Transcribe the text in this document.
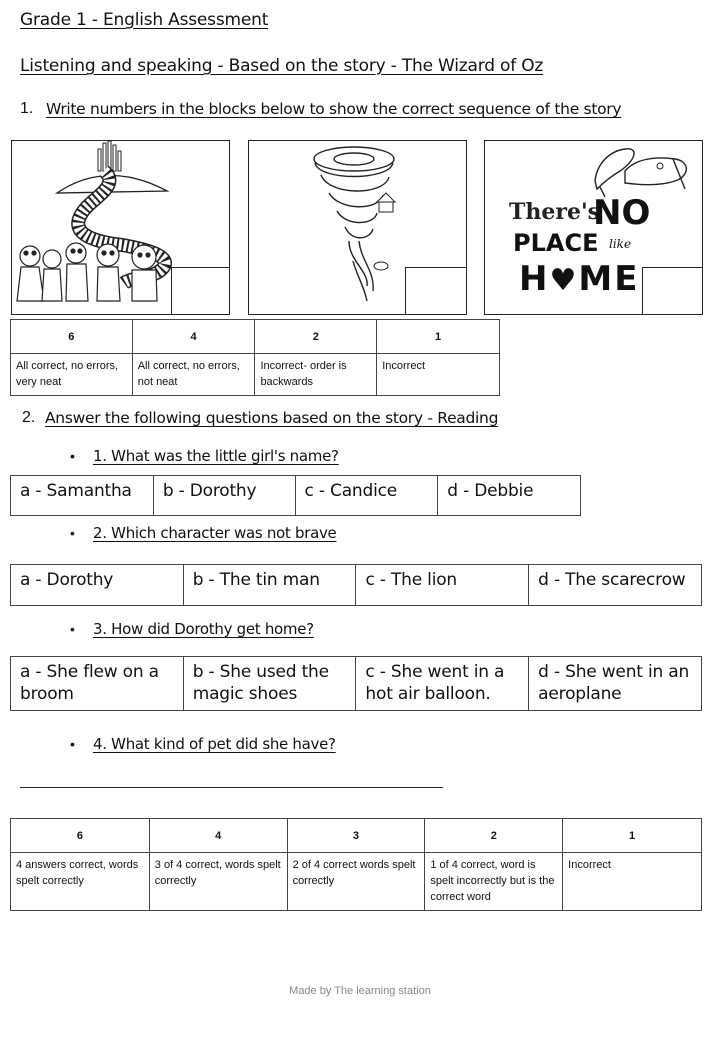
Grade 1 - English Assessment
Listening and speaking - Based on the story - The Wizard of Oz
1. Write numbers in the blocks below to show the correct sequence of the story
There's
NO
PLACE like
H♥ME
6	4	2	1
All correct, no errors, very neat	All correct, no errors, not neat	Incorrect- order is backwards	Incorrect
2. Answer the following questions based on the story - Reading
• 1. What was the little girl's name?
a - Samantha	b - Dorothy	c - Candice	d - Debbie
• 2. Which character was not brave
a - Dorothy	b - The tin man	c - The lion	d - The scarecrow
• 3. How did Dorothy get home?
a - She flew on a broom	b - She used the magic shoes	c - She went in a hot air balloon.	d - She went in an aeroplane
• 4. What kind of pet did she have?
6	4	3	2	1
4 answers correct, words spelt correctly	3 of 4 correct, words spelt correctly	2 of 4 correct words spelt correctly	1 of 4 correct, word is spelt incorrectly but is the correct word	Incorrect
Made by The learning station
